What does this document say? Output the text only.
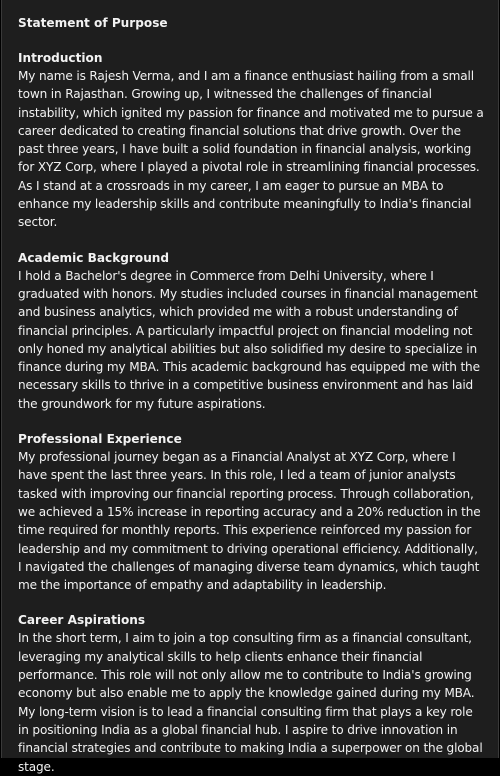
Statement of Purpose
Introduction

My name is Rajesh Verma, and I am a finance enthusiast hailing from a small town in Rajasthan. Growing up, I witnessed the challenges of financial instability, which ignited my passion for finance and motivated me to pursue a career dedicated to creating financial solutions that drive growth. Over the past three years, I have built a solid foundation in financial analysis, working for XYZ Corp, where I played a pivotal role in streamlining financial processes. As I stand at a crossroads in my career, I am eager to pursue an MBA to enhance my leadership skills and contribute meaningfully to India's financial sector.

Academic Background

I hold a Bachelor's degree in Commerce from Delhi University, where I graduated with honors. My studies included courses in financial management and business analytics, which provided me with a robust understanding of financial principles. A particularly impactful project on financial modeling not only honed my analytical abilities but also solidified my desire to specialize in finance during my MBA. This academic background has equipped me with the necessary skills to thrive in a competitive business environment and has laid the groundwork for my future aspirations.

Professional Experience

My professional journey began as a Financial Analyst at XYZ Corp, where I have spent the last three years. In this role, I led a team of junior analysts tasked with improving our financial reporting process. Through collaboration, we achieved a 15% increase in reporting accuracy and a 20% reduction in the time required for monthly reports. This experience reinforced my passion for leadership and my commitment to driving operational efficiency. Additionally, I navigated the challenges of managing diverse team dynamics, which taught me the importance of empathy and adaptability in leadership.

Career Aspirations

In the short term, I aim to join a top consulting firm as a financial consultant, leveraging my analytical skills to help clients enhance their financial performance. This role will not only allow me to contribute to India's growing economy but also enable me to apply the knowledge gained during my MBA. My long-term vision is to lead a financial consulting firm that plays a key role in positioning India as a global financial hub. I aspire to drive innovation in financial strategies and contribute to making India a superpower on the global stage.
